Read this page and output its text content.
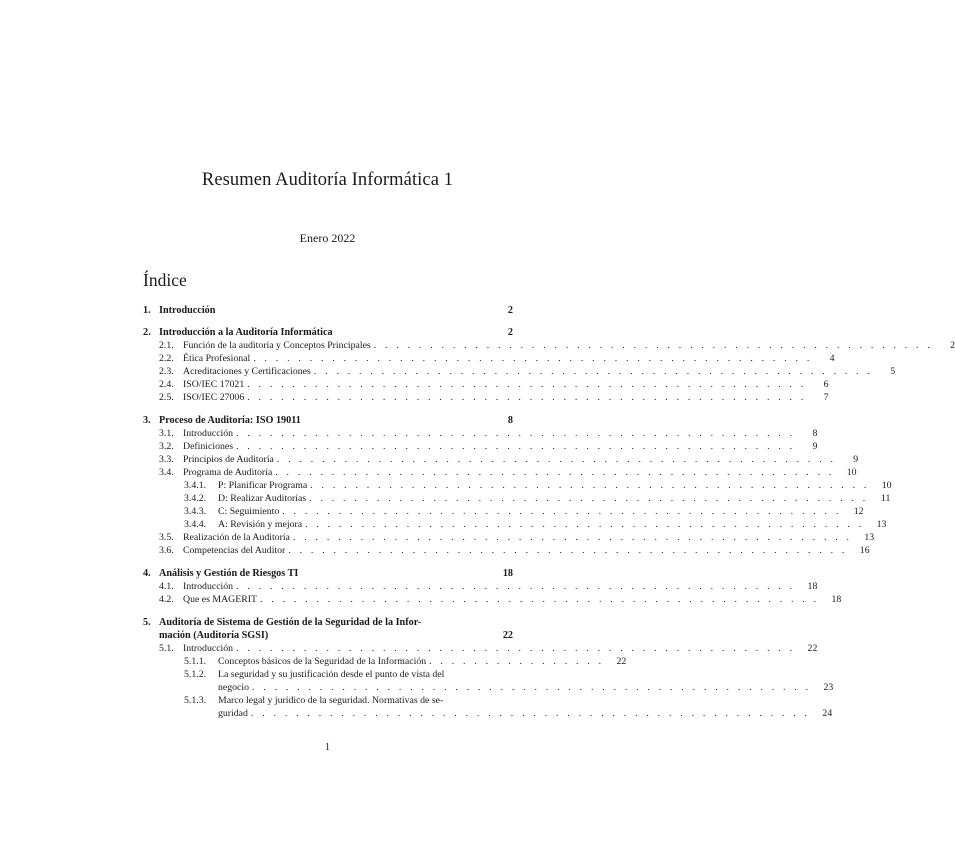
Resumen Auditoría Informática 1
Enero 2022
Índice
1. Introducción	2
2. Introducción a la Auditoría Informática	2
2.1. Función de la auditoría y Conceptos Principales . . . . . . . . . . . . . . . . . . . . . . . . . . . . . . . . . . . . . . . . . . . . . . . . . .	2
2.2. Ética Profesional . . . . . . . . . . . . . . . . . . . . . . . . . . . . . . . . . . . . . . . . . . . . . . . . . .	4
2.3. Acreditaciones y Certificaciones . . . . . . . . . . . . . . . . . . . . . . . . . . . . . . . . . . . . . . . . . . . . . . . . . .	5
2.4. ISO/IEC 17021 . . . . . . . . . . . . . . . . . . . . . . . . . . . . . . . . . . . . . . . . . . . . . . . . . .	6
2.5. ISO/IEC 27006 . . . . . . . . . . . . . . . . . . . . . . . . . . . . . . . . . . . . . . . . . . . . . . . . . .	7
3. Proceso de Auditoría: ISO 19011	8
3.1. Introducción . . . . . . . . . . . . . . . . . . . . . . . . . . . . . . . . . . . . . . . . . . . . . . . . . .	8
3.2. Definiciones . . . . . . . . . . . . . . . . . . . . . . . . . . . . . . . . . . . . . . . . . . . . . . . . . .	9
3.3. Principios de Auditoría . . . . . . . . . . . . . . . . . . . . . . . . . . . . . . . . . . . . . . . . . . . . . . . . . .	9
3.4. Programa de Auditoría . . . . . . . . . . . . . . . . . . . . . . . . . . . . . . . . . . . . . . . . . . . . . . . . . .	10
3.4.1.	P: Planificar Programa . . . . . . . . . . . . . . . . . . . . . . . . . . . . . . . . . . . . . . . . . . . . . . . . . .	10
3.4.2.	D: Realizar Auditorías . . . . . . . . . . . . . . . . . . . . . . . . . . . . . . . . . . . . . . . . . . . . . . . . . .	11
3.4.3.	C: Seguimiento . . . . . . . . . . . . . . . . . . . . . . . . . . . . . . . . . . . . . . . . . . . . . . . . . .	12
3.4.4.	A: Revisión y mejora . . . . . . . . . . . . . . . . . . . . . . . . . . . . . . . . . . . . . . . . . . . . . . . . . .	13
3.5. Realización de la Auditoría . . . . . . . . . . . . . . . . . . . . . . . . . . . . . . . . . . . . . . . . . . . . . . . . . .	13
3.6. Competencias del Auditor . . . . . . . . . . . . . . . . . . . . . . . . . . . . . . . . . . . . . . . . . . . . . . . . . .	16
4. Análisis y Gestión de Riesgos TI	18
4.1. Introducción . . . . . . . . . . . . . . . . . . . . . . . . . . . . . . . . . . . . . . . . . . . . . . . . . .	18
4.2. Que es MAGERIT . . . . . . . . . . . . . . . . . . . . . . . . . . . . . . . . . . . . . . . . . . . . . . . . . .	18
5. Auditoría de Sistema de Gestión de la Seguridad de la Infor-
mación (Auditoría SGSI)	22
5.1. Introducción . . . . . . . . . . . . . . . . . . . . . . . . . . . . . . . . . . . . . . . . . . . . . . . . . .	22
5.1.1.	Conceptos básicos de la Seguridad de la Información . . . . . . . . . . . . . . . .	22
5.1.2. La seguridad y su justificación desde el punto de vista del
negocio . . . . . . . . . . . . . . . . . . . . . . . . . . . . . . . . . . . . . . . . . . . . . . . . . .	23
5.1.3. Marco legal y jurídico de la seguridad. Normativas de se-
guridad . . . . . . . . . . . . . . . . . . . . . . . . . . . . . . . . . . . . . . . . . . . . . . . . . .	24
1
